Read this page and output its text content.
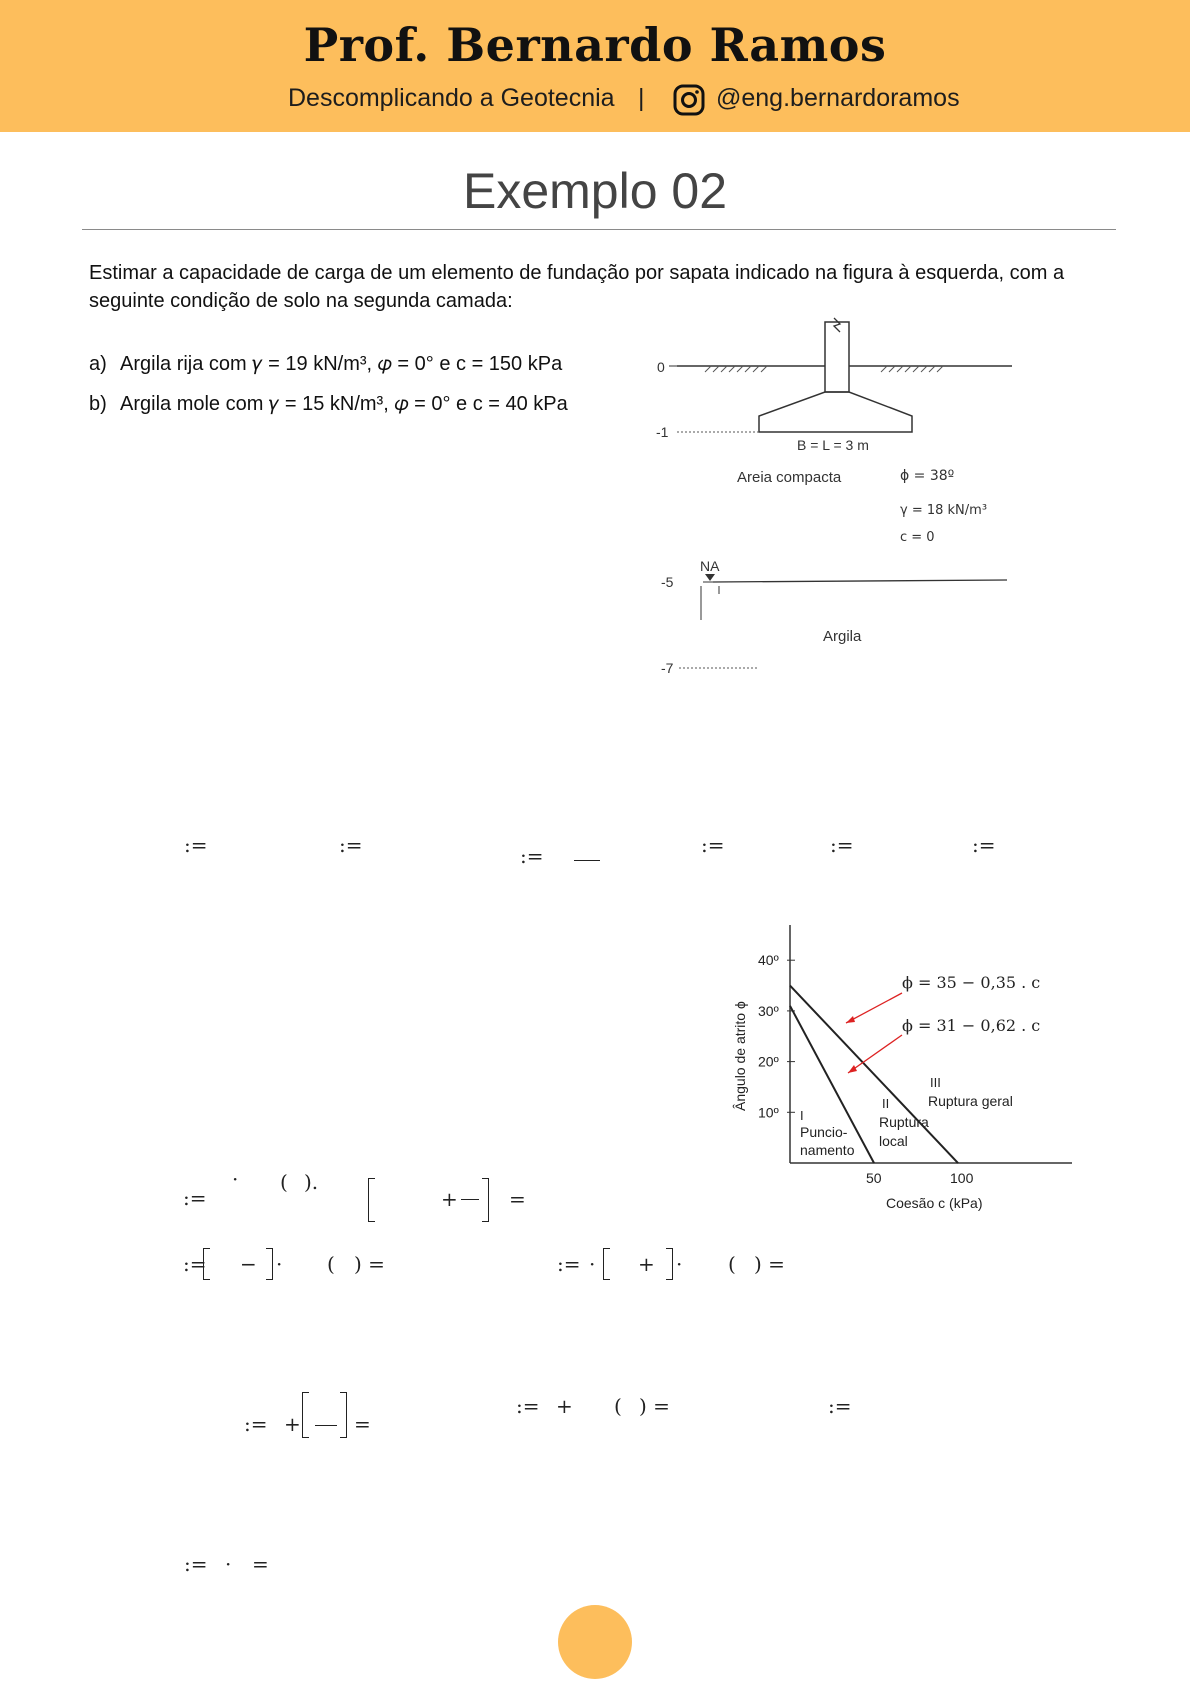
Prof. Bernardo Ramos
Descomplicando a Geotecnia |	@eng.bernardoramos
Exemplo 02
Estimar a capacidade de carga de um elemento de fundação por sapata indicado na figura à esquerda, com a seguinte condição de solo na segunda camada:
a) Argila rija com 𝛾 = 19 kN/m³, 𝜑 = 0° e c = 150 kPa
b) Argila mole com 𝛾 = 15 kN/m³, 𝜑 = 0° e c = 40 kPa
0
-1
B = L = 3 m
Areia compacta	ϕ = 38º
γ = 18 kN/m³
c = 0
NA
-5
Argila
-7
:=	:=	:=	:=	:=	:=
40º
30º
20º
10º
50	100
ϕ = 35 − 0,35 . c
ϕ = 31 − 0,62 . c
I
Puncio-
namento
II
Ruptura
local
III
Ruptura geral
Coesão c (kPa)
Ângulo de atrito ϕ
:=
· ( ).
+	=
:= − · ( ) =	:= · + · ( ) =
:= +	=
:= + ( ) =	:=
:= · =
